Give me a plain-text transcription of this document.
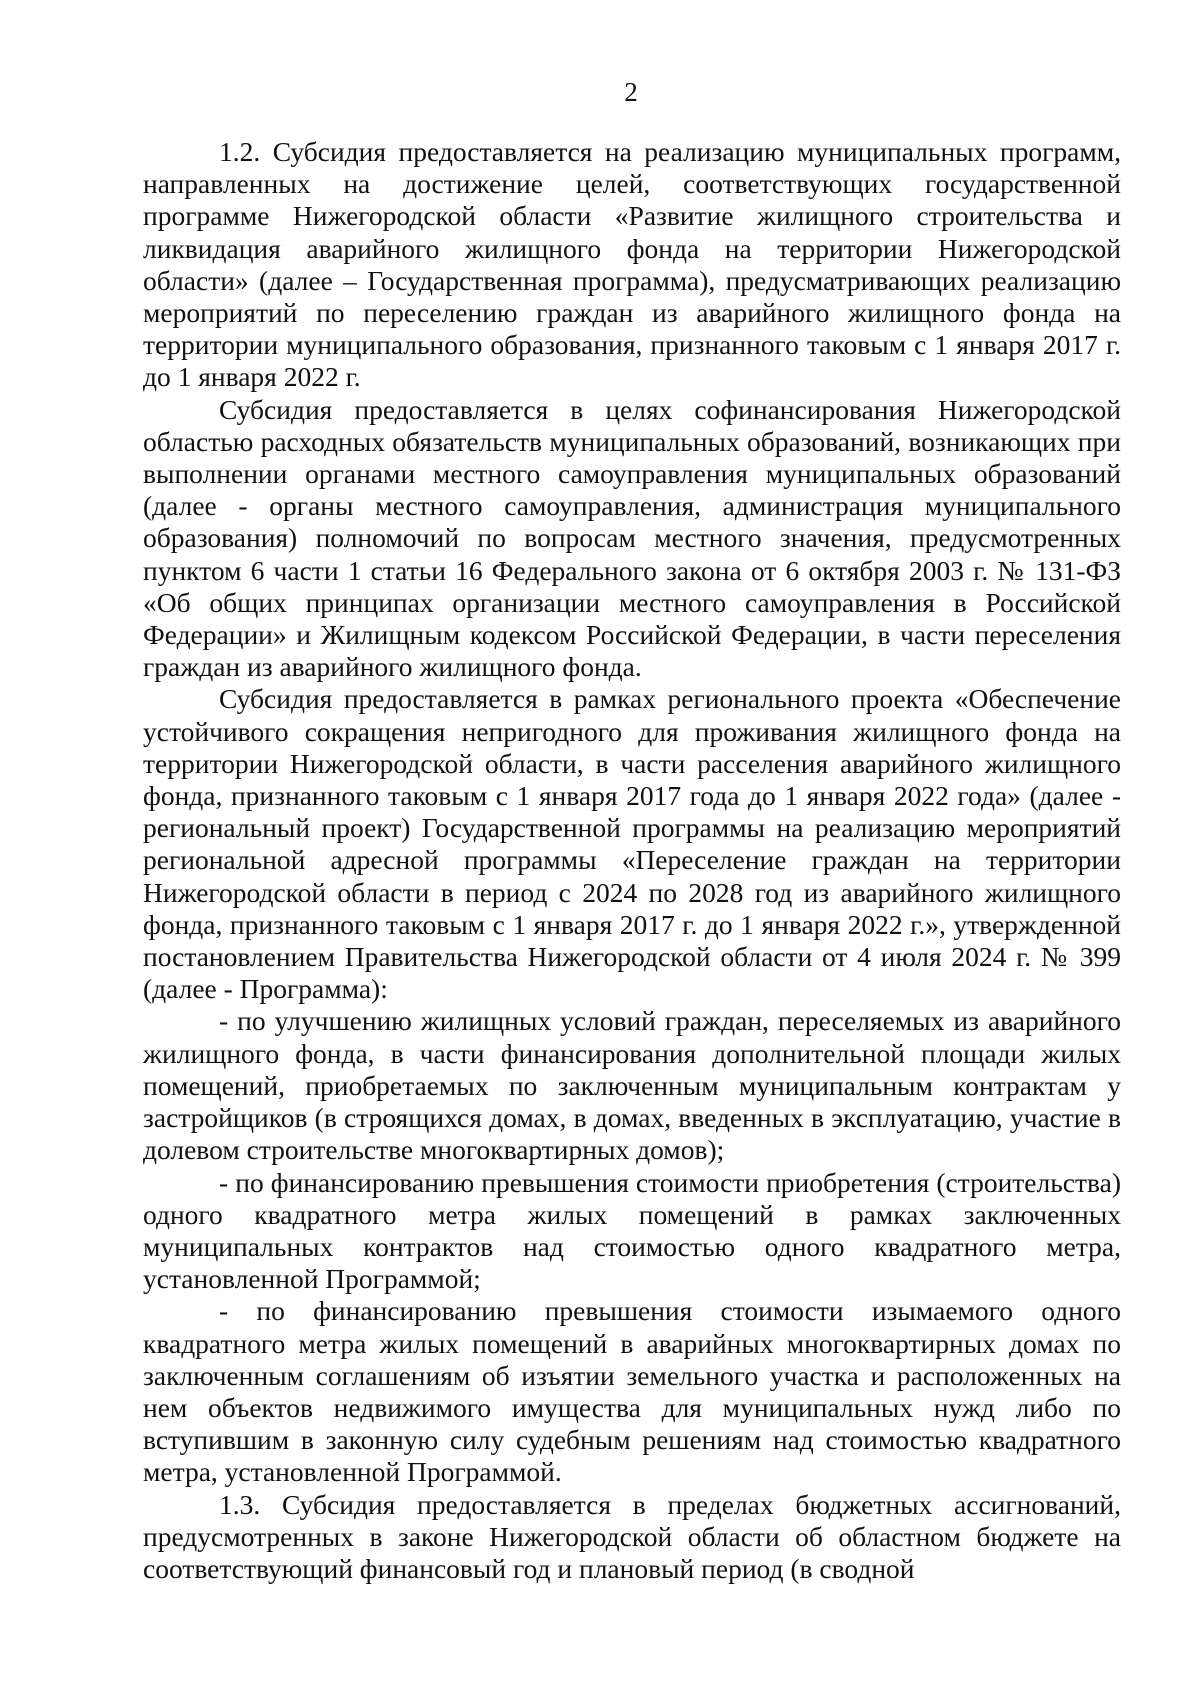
2

1.2. Субсидия предоставляется на реализацию муниципальных программ, направленных на достижение целей, соответствующих государственной программе Нижегородской области «Развитие жилищного строительства и ликвидация аварийного жилищного фонда на территории Нижегородской области» (далее – Государственная программа), предусматривающих реализацию мероприятий по переселению граждан из аварийного жилищного фонда на территории муниципального образования, признанного таковым с 1 января 2017 г. до 1 января 2022 г.

Субсидия предоставляется в целях софинансирования Нижегородской областью расходных обязательств муниципальных образований, возникающих при выполнении органами местного самоуправления муниципальных образований (далее - органы местного самоуправления, администрация муниципального образования) полномочий по вопросам местного значения, предусмотренных пунктом 6 части 1 статьи 16 Федерального закона от 6 октября 2003 г. № 131-ФЗ «Об общих принципах организации местного самоуправления в Российской Федерации» и Жилищным кодексом Российской Федерации, в части переселения граждан из аварийного жилищного фонда.

Субсидия предоставляется в рамках регионального проекта «Обеспечение устойчивого сокращения непригодного для проживания жилищного фонда на территории Нижегородской области, в части расселения аварийного жилищного фонда, признанного таковым с 1 января 2017 года до 1 января 2022 года» (далее - региональный проект) Государственной программы на реализацию мероприятий региональной адресной программы «Переселение граждан на территории Нижегородской области в период с 2024 по 2028 год из аварийного жилищного фонда, признанного таковым с 1 января 2017 г. до 1 января 2022 г.», утвержденной постановлением Правительства Нижегородской области от 4 июля 2024 г. № 399 (далее - Программа):

- по улучшению жилищных условий граждан, переселяемых из аварийного жилищного фонда, в части финансирования дополнительной площади жилых помещений, приобретаемых по заключенным муниципальным контрактам у застройщиков (в строящихся домах, в домах, введенных в эксплуатацию, участие в долевом строительстве многоквартирных домов);

- по финансированию превышения стоимости приобретения (строительства) одного квадратного метра жилых помещений в рамках заключенных муниципальных контрактов над стоимостью одного квадратного метра, установленной Программой;

- по финансированию превышения стоимости изымаемого одного квадратного метра жилых помещений в аварийных многоквартирных домах по заключенным соглашениям об изъятии земельного участка и расположенных на нем объектов недвижимого имущества для муниципальных нужд либо по вступившим в законную силу судебным решениям над стоимостью квадратного метра, установленной Программой.

1.3. Субсидия предоставляется в пределах бюджетных ассигнований, предусмотренных в законе Нижегородской области об областном бюджете на соответствующий финансовый год и плановый период (в сводной
